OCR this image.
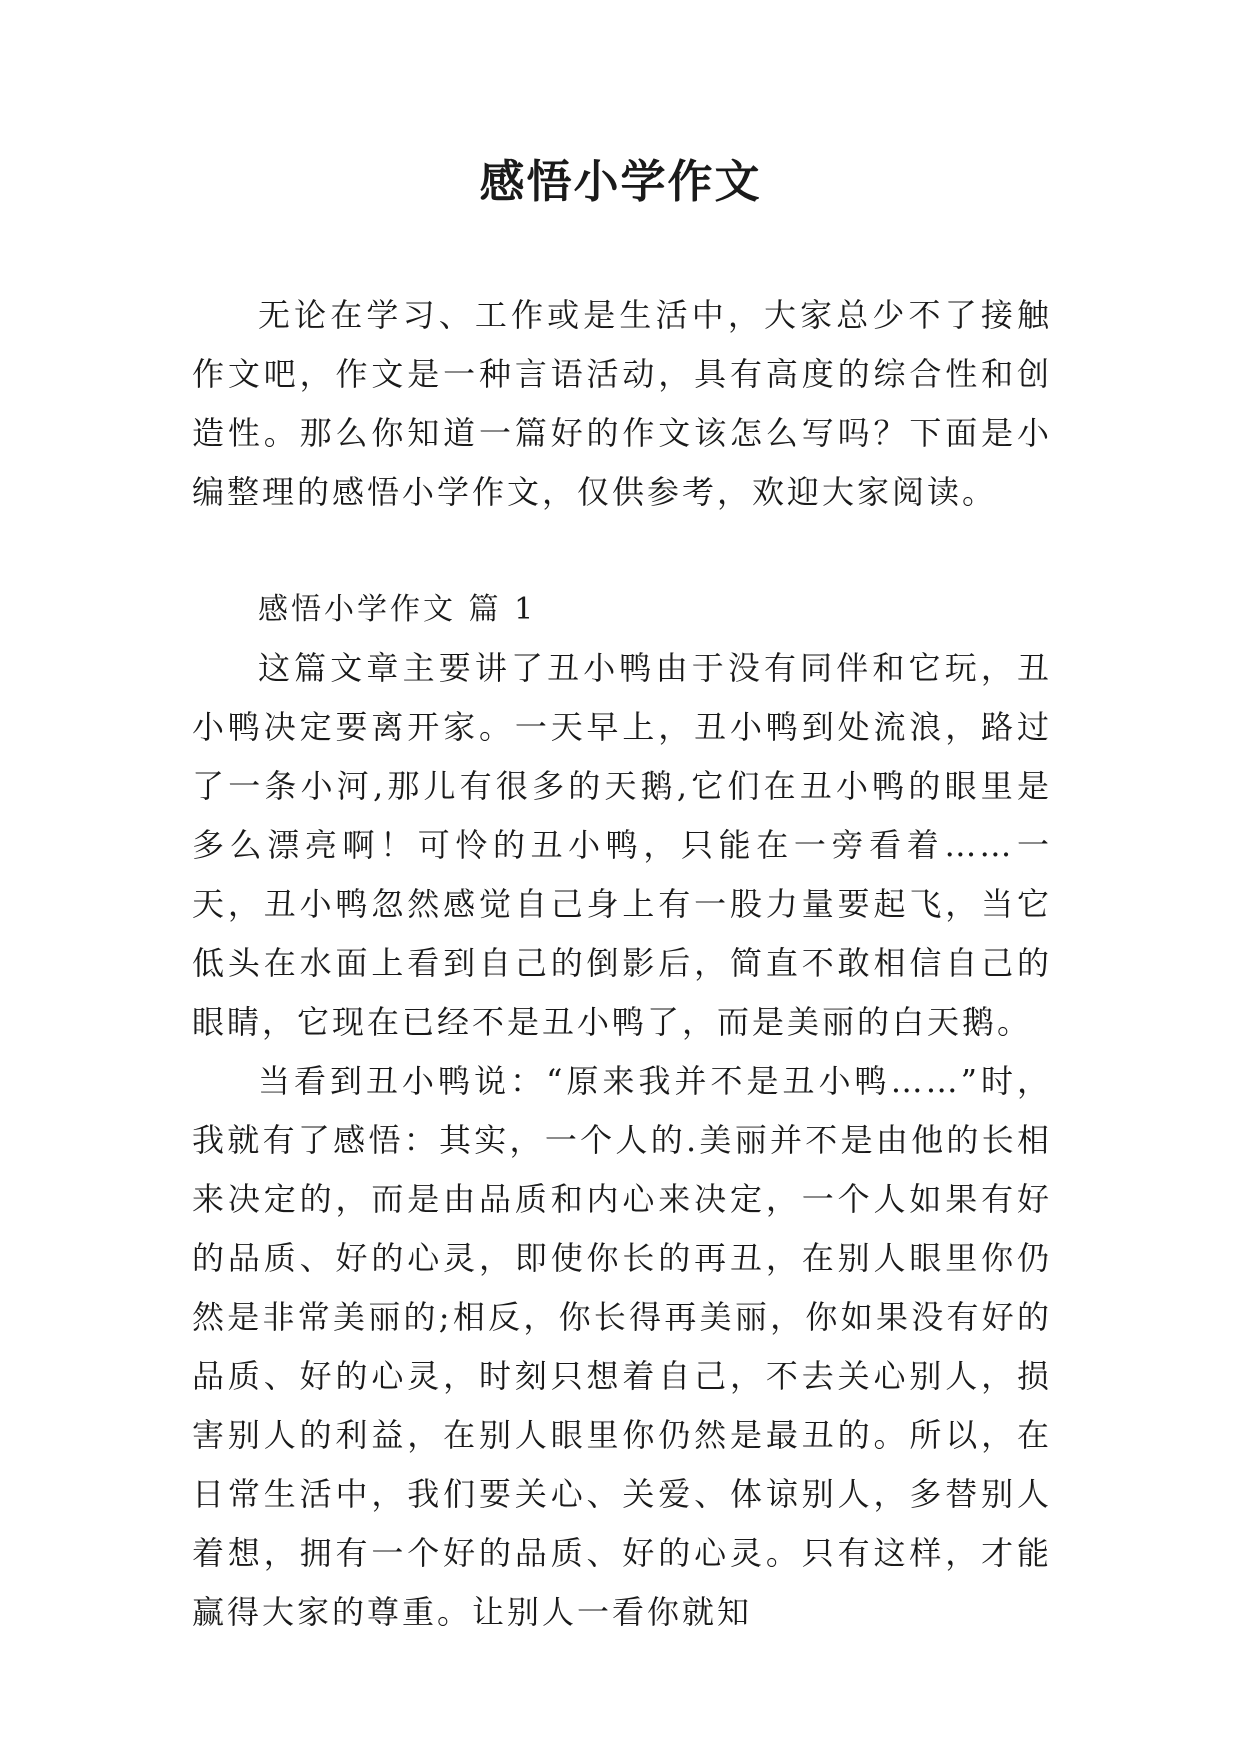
感悟小学作文

无论在学习、工作或是生活中，大家总少不了接触作文吧，作文是一种言语活动，具有高度的综合性和创造性。那么你知道一篇好的作文该怎么写吗？下面是小编整理的感悟小学作文，仅供参考，欢迎大家阅读。

感悟小学作文 篇 1

这篇文章主要讲了丑小鸭由于没有同伴和它玩，丑小鸭决定要离开家。一天早上，丑小鸭到处流浪，路过了一条小河,那儿有很多的天鹅,它们在丑小鸭的眼里是多么漂亮啊！可怜的丑小鸭，只能在一旁看着……一天，丑小鸭忽然感觉自己身上有一股力量要起飞，当它低头在水面上看到自己的倒影后，简直不敢相信自己的眼睛，它现在已经不是丑小鸭了，而是美丽的白天鹅。

当看到丑小鸭说：“原来我并不是丑小鸭……”时，我就有了感悟：其实，一个人的.美丽并不是由他的长相来决定的，而是由品质和内心来决定，一个人如果有好的品质、好的心灵，即使你长的再丑，在别人眼里你仍然是非常美丽的;相反，你长得再美丽，你如果没有好的品质、好的心灵，时刻只想着自己，不去关心别人，损害别人的利益，在别人眼里你仍然是最丑的。所以，在日常生活中，我们要关心、关爱、体谅别人，多替别人着想，拥有一个好的品质、好的心灵。只有这样，才能赢得大家的尊重。让别人一看你就知
